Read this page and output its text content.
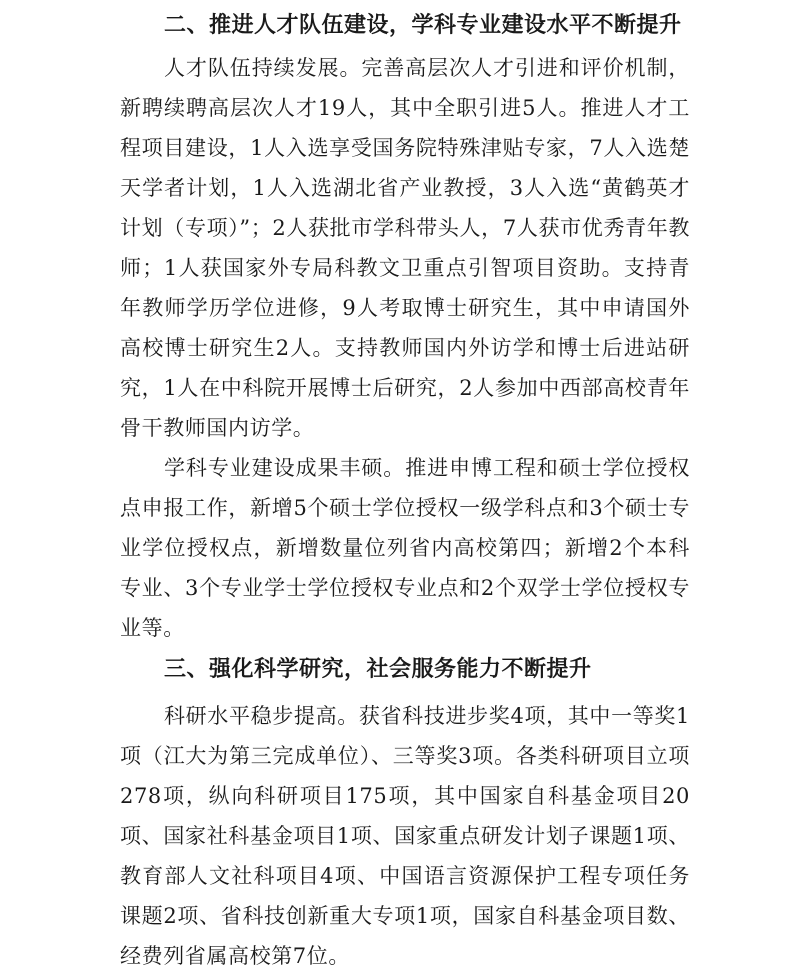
二、推进人才队伍建设，学科专业建设水平不断提升

人才队伍持续发展。完善高层次人才引进和评价机制，新聘续聘高层次人才19人，其中全职引进5人。推进人才工程项目建设，1人入选享受国务院特殊津贴专家，7人入选楚天学者计划，1人入选湖北省产业教授，3人入选“黄鹤英才计划（专项）”；2人获批市学科带头人，7人获市优秀青年教师；1人获国家外专局科教文卫重点引智项目资助。支持青年教师学历学位进修，9人考取博士研究生，其中申请国外高校博士研究生2人。支持教师国内外访学和博士后进站研究，1人在中科院开展博士后研究，2人参加中西部高校青年骨干教师国内访学。

学科专业建设成果丰硕。推进申博工程和硕士学位授权点申报工作，新增5个硕士学位授权一级学科点和3个硕士专业学位授权点，新增数量位列省内高校第四；新增2个本科专业、3个专业学士学位授权专业点和2个双学士学位授权专业等。

三、强化科学研究，社会服务能力不断提升

科研水平稳步提高。获省科技进步奖4项，其中一等奖1项（江大为第三完成单位）、三等奖3项。各类科研项目立项278项，纵向科研项目175项，其中国家自科基金项目20项、国家社科基金项目1项、国家重点研发计划子课题1项、教育部人文社科项目4项、中国语言资源保护工程专项任务课题2项、省科技创新重大专项1项，国家自科基金项目数、经费列省属高校第7位。
